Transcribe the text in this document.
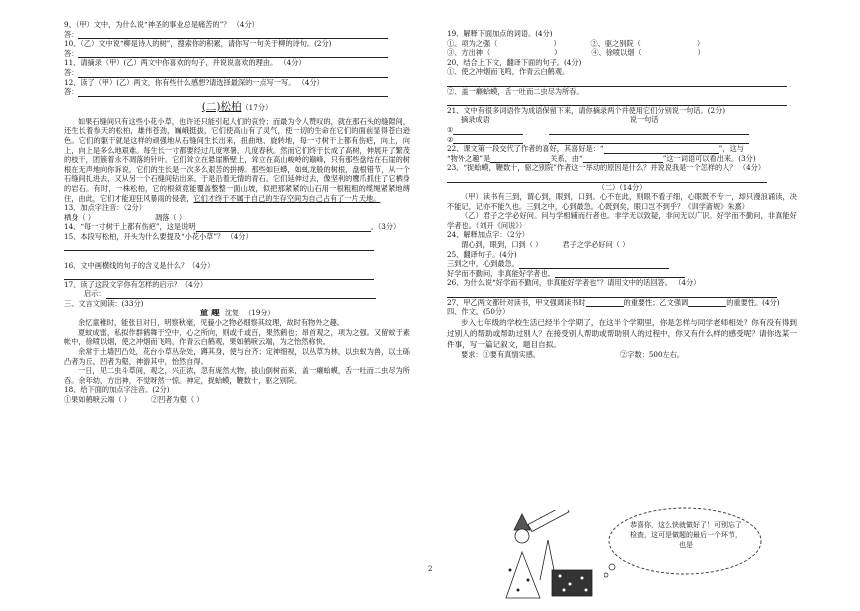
9、（甲）文中，为什么说“神圣的事业总是痛苦的”？ （4分）
答：
10、（乙）文中说“柳是诗人的树”，搜索你的积累，请你写一句关于柳的诗句。(2分)
答：
11、请摘录（甲）(乙）两文中你喜欢的句子，并说说喜欢的理由。 （4分）
答：
12、读了（甲）(乙）两文，你有些什么感想?请选择最深的一点写一写。 （4分）
答：
(二)松柏（17分）
如果石缝间只有这些小花小草，也许还只能引起人们的哀怜；而最为令人赞叹的，就在那石头的缝隙间，还生长着参天的松柏，雄伟苍劲，巍峨挺拔，它们使高山有了灵气，使一切的生命在它们的面前显得苍白逊色。它们的躯干就是这样的顽强地从石缝间生长出来，扭曲地、旋转地，每一寸树干上都有伤疤，向上，向上，向上是多么地艰难。每生长一寸都要经过几度寒暑，几度春秋。然而它们终于长成了高树，伸展开了繁茂的枝干，团簇着永不凋落的针叶。它们耸立在悬崖断壁上，耸立在高山峻岭的巅峰，只有那些盘结在石崖的树根在无声地向你诉说，它们的生长是一次多么艰苦的拼搏。那些如巨蟒，如虬龙般的树根，盘根错节，从一个石缝间扎进去，又从另一个石缝间钻出来，于是沿着无情的青石，它们延伸过去，像坚利的鹰爪抓住了它栖身的岩石。有时，一株松柏，它的根须竟能覆盖整整一面山坡，似把那紧紧的山石用一根粗粗的缆绳紧紧地缚住，由此，它们才能迎狂风暴雨的侵袭，它们才终于不属于自己的生存空间为自己占有了一片天地。
13、加点字注音：（2分）
栖身（ ）	凋落（ ）
14、“每一寸树干上都有伤疤”，这是说明	。（3分）
15、本段写松柏，开头为什么要提及“小花小草”？ （4分）
16、文中画横线的句子的含义是什么？（4分）
17、读了这段文字你有怎样的启示？（4分）
启示：
三、文言文阅读：(33分)
童 趣 沈复 （19分）
余忆童稚时，能张目对日，明察秋毫，见藐小之物必细察其纹理，故时有物外之趣。
夏蚊成雷，私拟作群鹤舞于空中，心之所向，则或千或百，果然鹤也；昂首观之，项为之强。又留蚊于素帐中，徐喷以烟，使之冲烟而飞鸣，作青云白鹤观，果如鹤唳云端，为之怡然称快。
余常于土墙凹凸处，花台小草丛杂处，蹲其身，使与台齐；定神细视，以丛草为林，以虫蚁为兽，以土砾凸者为丘，凹者为壑，神游其中，怡然自得。
一日，见二虫斗草间，观之，兴正浓，忽有庞然大物，拔山倒树而来，盖一癞蛤蟆，舌一吐而二虫尽为所吞。余年幼，方出神，不觉呀然一惊。神定，捉蛤蟆，鞭数十，驱之别院。
18、给下面的加点字注音。(2分)
①果如鹤唳云端（ ）	②凹者为壑（ ）
19、解释下面加点的词语。(4分)
①、项为之强（	）	②、驱之别院（	）
③、方出神（	）	④、徐喷以烟（	）
20、结合上下文，翻译下面的句子。(4分)
①、使之冲烟而飞鸣，作青云白鹤观。
②、盖一癞蛤蟆，舌一吐而二虫尽为所吞。
21、文中有很多词语作为成语保留下来，请你摘录两个并使用它们分别说一句话。(2分)
摘录成语	说一句话
①
②
22、课文第一段交代了作者的喜好，其喜好是：“	”，这与
“物外之趣”是	关系，由“	”这一词语可以看出来。(3分)
23、“捉蛤蟆，鞭数十，驱之别院”作者这一举动的原因是什么？并说说我是一个怎样的人？ （4分）
（二）（14分）
（甲）读书有三到，谓心到，眼到，口到。心不在此，则眼不看子细，心眼既不专一，却只漫浪诵读，决不能记，记亦不能久也。三到之中，心到最急。心既到矣，眼口岂不到乎？《训学斋规》朱熹）
（乙）君子之学必好问。问与学相辅而行者也。非学无以致疑，非问无以广识。好学而不勤问，非真能好学者也。（刘开《问说》）
24、解释加点字：（2分）
谓心到，眼到，口到（ ）	君子之学必好问（ ）
25、翻译句子。(4分)
三到之中，心到最急。
好学而不勤问，非真能好学者也。
26、为什么说“好学而不勤问，非真能好学者也”？请用文中的话回答。 （4分）
27、甲乙两文都针对读书，甲文强调读书时	的重要性；乙文强调	的重要性。(4分)
四、作文。(50分）
步入七年级的学校生活已经半个学期了，在这半个学期里，你是怎样与同学老师相处？你有没有得到过别人的帮助或帮助过别人？在接受别人帮助或帮助别人的过程中，你又有什么样的感受呢？请你选某一件事，写一篇记叙文，题目自拟。
要求：①要有真情实感。	②字数：500左右。
恭喜你，这么快就做好了！可别忘了检查，这可是做题的最后一个环节，也是
2
